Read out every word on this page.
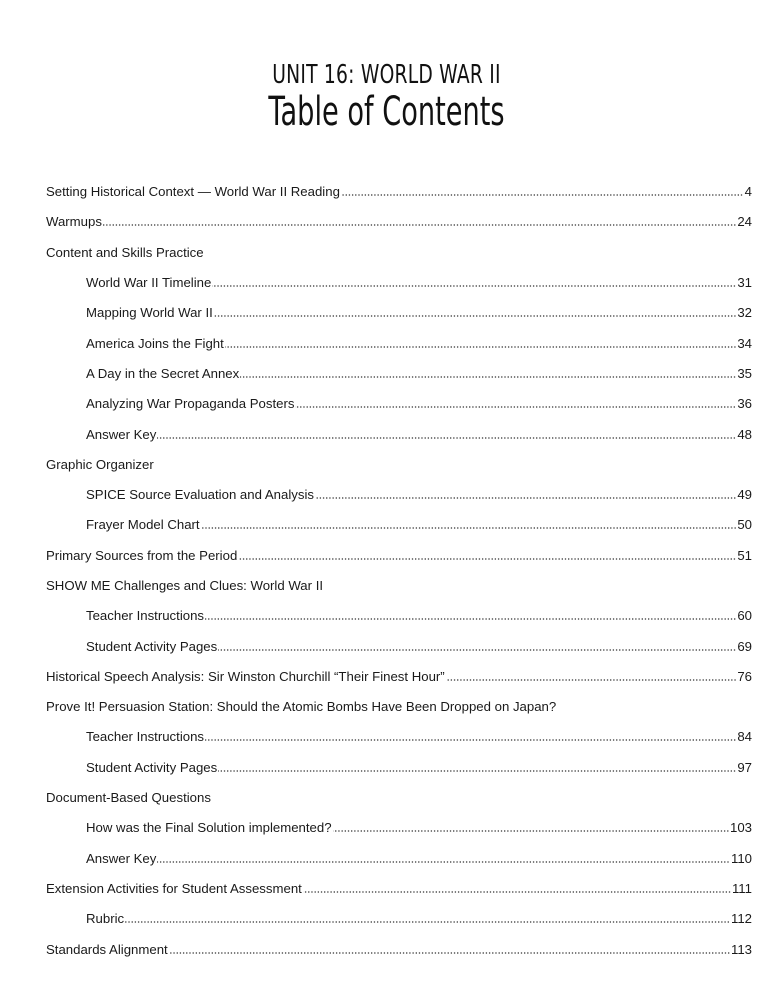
UNIT 16: WORLD WAR II
Table of Contents
Setting Historical Context — World War II Reading	4
Warmups	24
Content and Skills Practice
World War II Timeline	31
Mapping World War II	32
America Joins the Fight	34
A Day in the Secret Annex	35
Analyzing War Propaganda Posters	36
Answer Key	48
Graphic Organizer
SPICE Source Evaluation and Analysis	49
Frayer Model Chart	50
Primary Sources from the Period	51
SHOW ME Challenges and Clues: World War II
Teacher Instructions	60
Student Activity Pages	69
Historical Speech Analysis: Sir Winston Churchill “Their Finest Hour”	76
Prove It! Persuasion Station: Should the Atomic Bombs Have Been Dropped on Japan?
Teacher Instructions	84
Student Activity Pages	97
Document-Based Questions
How was the Final Solution implemented?	103
Answer Key	110
Extension Activities for Student Assessment	111
Rubric	112
Standards Alignment	113
